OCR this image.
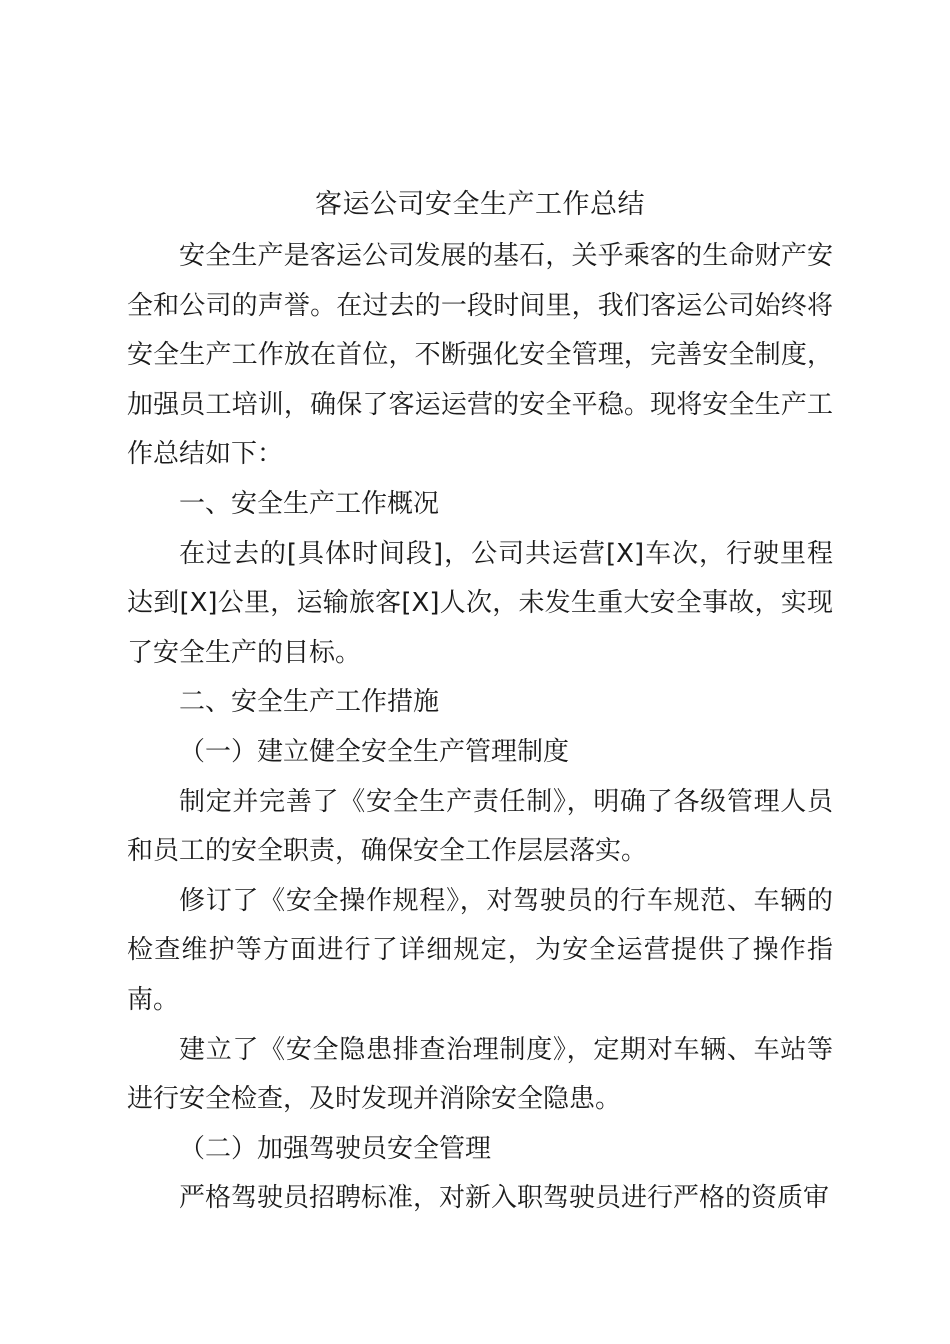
客运公司安全生产工作总结

安全生产是客运公司发展的基石，关乎乘客的生命财产安全和公司的声誉。在过去的一段时间里，我们客运公司始终将安全生产工作放在首位，不断强化安全管理，完善安全制度，加强员工培训，确保了客运运营的安全平稳。现将安全生产工作总结如下：

一、安全生产工作概况

在过去的[具体时间段]，公司共运营[X]车次，行驶里程达到[X]公里，运输旅客[X]人次，未发生重大安全事故，实现了安全生产的目标。

二、安全生产工作措施

（一）建立健全安全生产管理制度

制定并完善了《安全生产责任制》，明确了各级管理人员和员工的安全职责，确保安全工作层层落实。

修订了《安全操作规程》，对驾驶员的行车规范、车辆的检查维护等方面进行了详细规定，为安全运营提供了操作指南。

建立了《安全隐患排查治理制度》，定期对车辆、车站等进行安全检查，及时发现并消除安全隐患。

（二）加强驾驶员安全管理

严格驾驶员招聘标准，对新入职驾驶员进行严格的资质审
